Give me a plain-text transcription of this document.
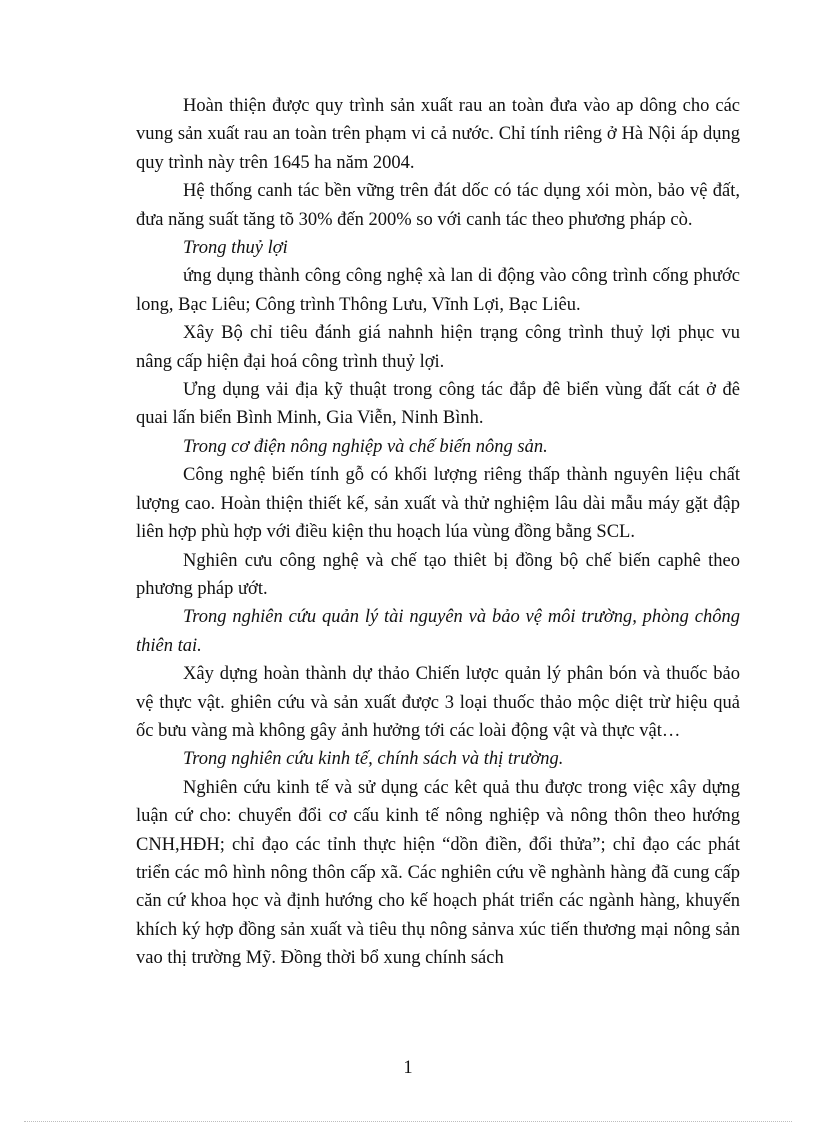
Hoàn thiện được quy trình sản xuất rau an toàn đưa vào ap dông cho các vung sản xuất rau an toàn trên phạm vi cả nước. Chỉ tính riêng ở Hà Nội áp dụng quy trình này trên 1645 ha năm 2004.

Hệ thống canh tác bền vững trên đát dốc có tác dụng xói mòn, bảo vệ đất, đưa năng suất tăng tõ 30% đến 200% so với canh tác theo phương pháp cò.

Trong thuỷ lợi

ứng dụng thành công công nghệ xà lan di động vào công trình cống phước long, Bạc Liêu; Công trình Thông Lưu, Vĩnh Lợi, Bạc Liêu.

Xây Bộ chỉ tiêu đánh giá nahnh hiện trạng công trình thuỷ lợi phục vu nâng cấp hiện đại hoá công trình thuỷ lợi.

Ưng dụng vải địa kỹ thuật trong công tác đắp đê biển vùng đất cát ở đê quai lấn biển Bình Minh, Gia Viễn, Ninh Bình.

Trong cơ điện nông nghiệp và chế biến nông sản.

Công nghệ biến tính gỗ có khối lượng riêng thấp thành nguyên liệu chất lượng cao. Hoàn thiện thiết kế, sản xuất và thử nghiệm lâu dài mẫu máy gặt đập liên hợp phù hợp với điều kiện thu hoạch lúa vùng đồng bằng SCL.

Nghiên cưu công nghệ và chế tạo thiêt bị đồng bộ chế biến caphê theo phương pháp ướt.

Trong nghiên cứu quản lý tài nguyên và bảo vệ môi trường, phòng chông thiên tai.

Xây dựng hoàn thành dự thảo Chiến lược quản lý phân bón và thuốc bảo vệ thực vật. ghiên cứu và sản xuất được 3 loại thuốc thảo mộc diệt trừ hiệu quả ốc bưu vàng mà không gây ảnh hưởng tới các loài động vật và thực vật…

Trong nghiên cứu kinh tế, chính sách và thị trường.

Nghiên cứu kinh tế và sử dụng các kêt quả thu được trong việc xây dựng luận cứ cho: chuyển đổi cơ cấu kinh tế nông nghiệp và nông thôn theo hướng CNH,HĐH; chỉ đạo các tỉnh thực hiện “dồn điền, đổi thửa”; chỉ đạo các phát triển các mô hình nông thôn cấp xã. Các nghiên cứu về nghành hàng đã cung cấp căn cứ khoa học và định hướng cho kế hoạch phát triển các ngành hàng, khuyến khích ký hợp đồng sản xuất và tiêu thụ nông sảnva xúc tiến thương mại nông sản vao thị trường Mỹ. Đồng thời bổ xung chính sách

1
